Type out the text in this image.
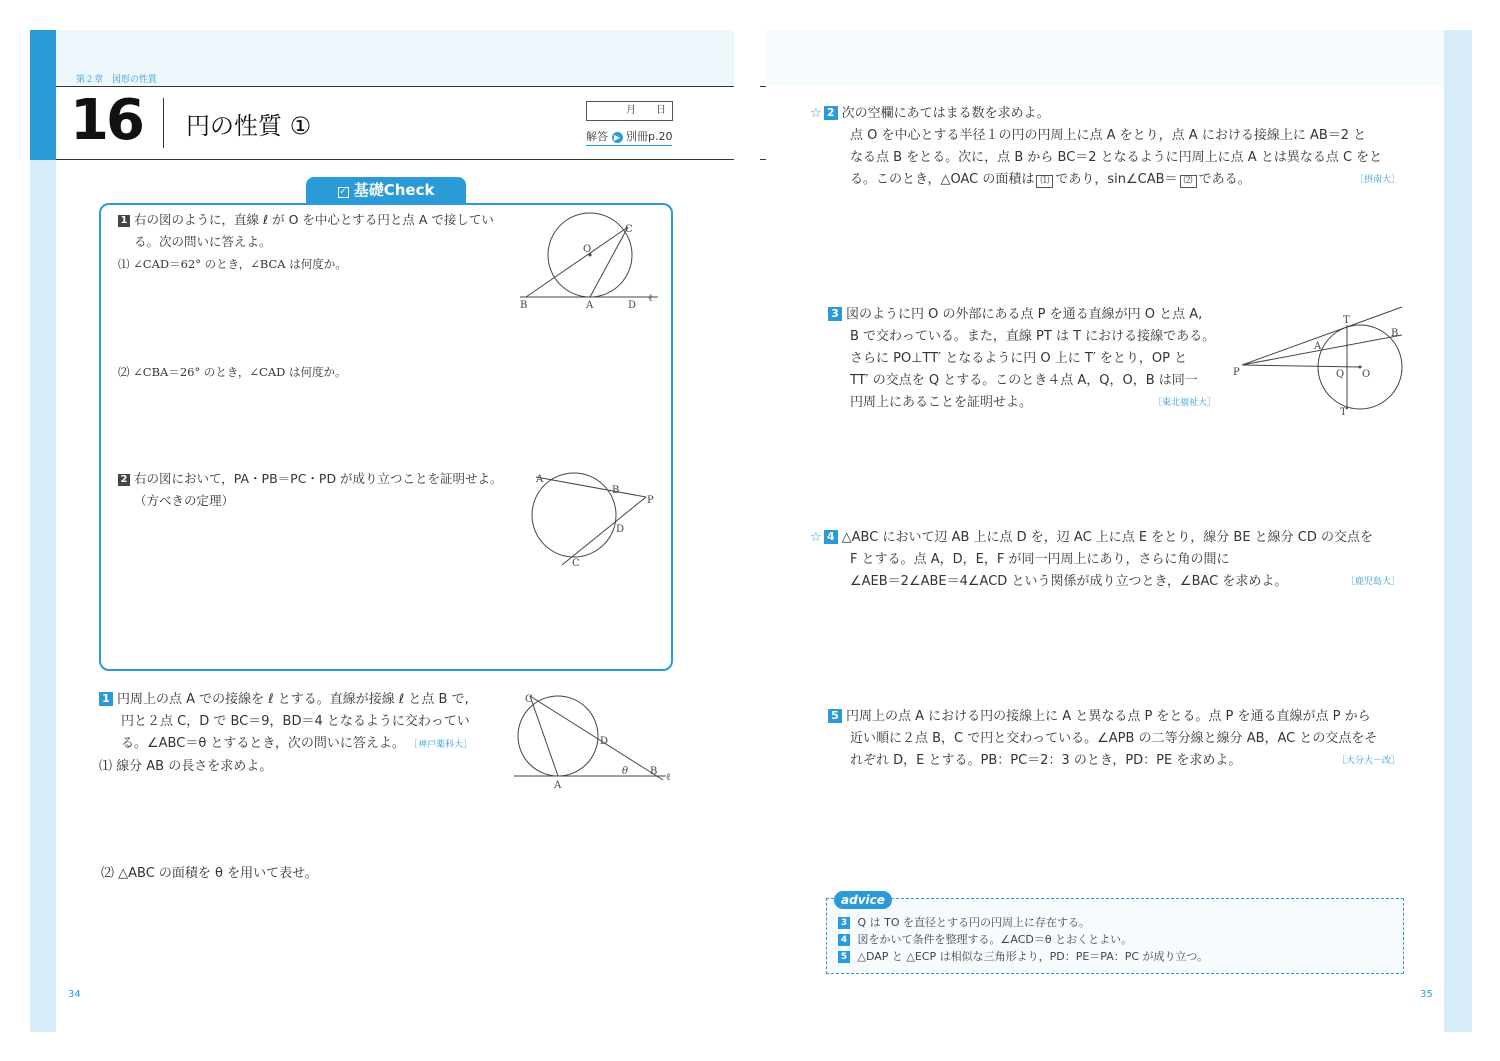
第２章　図形の性質
16 円の性質 ①
月　　日
解答 ▶ 別冊p.20
✓ 基礎Check
1 右の図のように，直線 ℓ が O を中心とする円と点 A で接してい
る。次の問いに答えよ。
⑴ ∠CAD＝62° のとき，∠BCA は何度か。
⑵ ∠CBA＝26° のとき，∠CAD は何度か。
O
C
B	A	D
ℓ
2 右の図において，PA・PB＝PC・PD が成り立つことを証明せよ。
（方べきの定理）
A
B
P
D
C
1 円周上の点 A での接線を ℓ とする。直線が接線 ℓ と点 B で,
円と２点 C，D で BC＝9，BD＝4 となるように交わってい
る。∠ABC＝θ とするとき，次の問いに答えよ。 ［神戸薬科大］
⑴ 線分 AB の長さを求めよ。
⑵ △ABC の面積を θ を用いて表せ。
C
D
θ B
ℓ
A
☆ 2 次の空欄にあてはまる数を求めよ。
点 O を中心とする半径１の円の円周上に点 A をとり，点 A における接線上に AB＝2 と
なる点 B をとる。次に，点 B から BC＝2 となるように円周上に点 A とは異なる点 C をと
る。このとき，△OAC の面積は ⑴ であり，sin∠CAB＝ ⑵ である。	［摂南大］
3 図のように円 O の外部にある点 P を通る直線が円 O と点 A,
B で交わっている。また，直線 PT は T における接線である。
さらに PO⊥TT′ となるように円 O 上に T′ をとり，OP と
TT′ の交点を Q とする。このとき４点 A，Q，O，B は同一
円周上にあることを証明せよ。	［東北福祉大］
T
B
A
P	Q O
T′
☆ 4 △ABC において辺 AB 上に点 D を，辺 AC 上に点 E をとり，線分 BE と線分 CD の交点を
F とする。点 A，D，E，F が同一円周上にあり，さらに角の間に
∠AEB＝2∠ABE＝4∠ACD という関係が成り立つとき，∠BAC を求めよ。	［鹿児島大］
5 円周上の点 A における円の接線上に A と異なる点 P をとる。点 P を通る直線が点 P から
近い順に２点 B，C で円と交わっている。∠APB の二等分線と線分 AB，AC との交点をそ
れぞれ D，E とする。PB：PC＝2：3 のとき，PD：PE を求めよ。	［大分大－改］
advice
3 Q は TO を直径とする円の円周上に存在する。
4 図をかいて条件を整理する。∠ACD＝θ とおくとよい。
5 △DAP と △ECP は相似な三角形より，PD：PE＝PA：PC が成り立つ。
34	35
